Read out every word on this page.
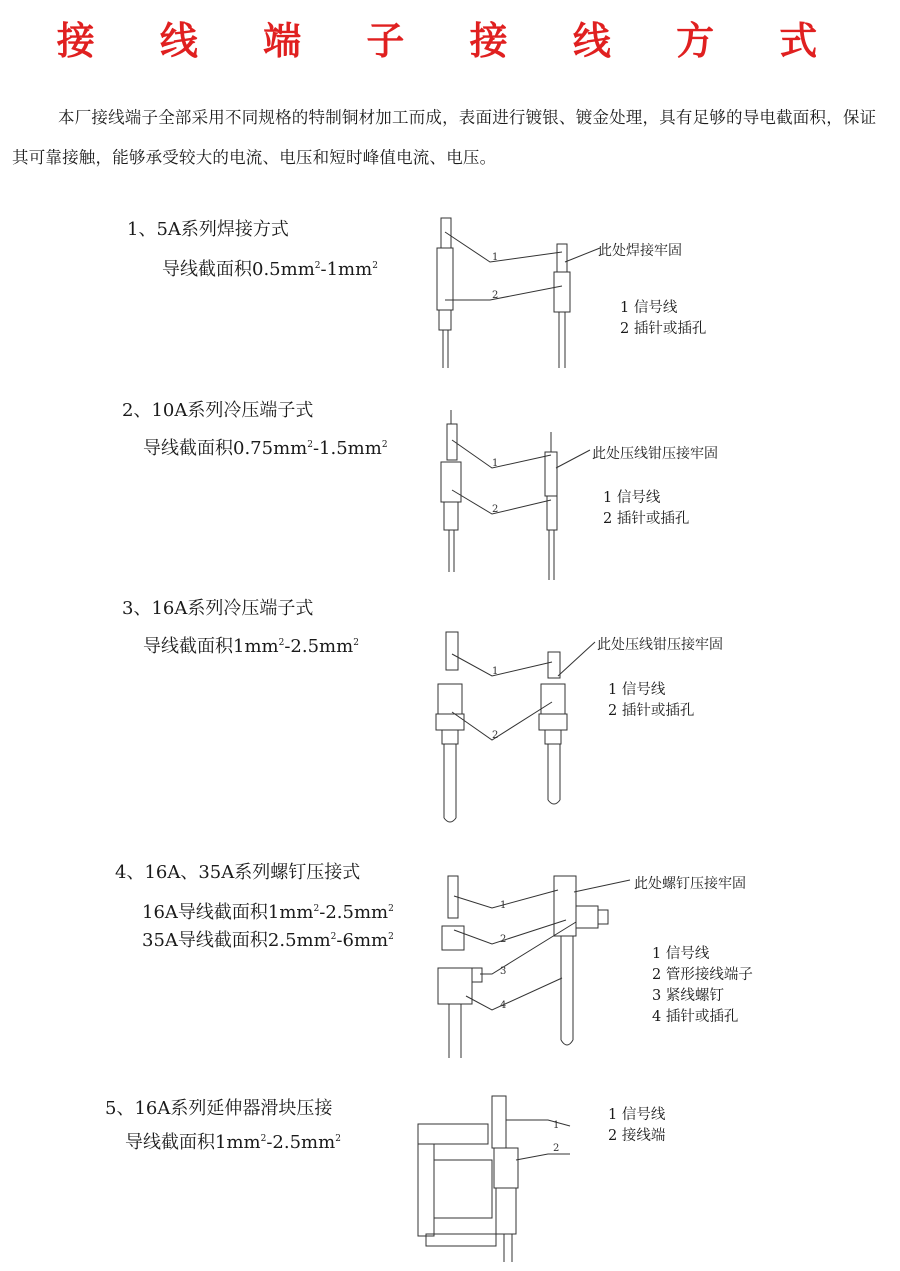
接 线 端 子 接 线 方 式
本厂接线端子全部采用不同规格的特制铜材加工而成，表面进行镀银、镀金处理，具有足够的导电截面积，保证其可靠接触，能够承受较大的电流、电压和短时峰值电流、电压。
1、5A系列焊接方式
导线截面积$0.5mm^2-1mm^2$
此处焊接牢固
1 信号线
2 插针或插孔
2、10A系列冷压端子式
导线截面积$0.75mm^2-1.5mm^2$
此处压线钳压接牢固
1 信号线
2 插针或插孔
3、16A系列冷压端子式
导线截面积$1mm^2-2.5mm^2$	此处压线钳压接牢固
1 信号线
2 插针或插孔
4、16A、35A系列螺钉压接式
16A导线截面积$1mm^2-2.5mm^2$
35A导线截面积$2.5mm^2-6mm^2$
此处螺钉压接牢固
1 信号线
2 管形接线端子
3 紧线螺钉
4 插针或插孔
5、16A系列延伸器滑块压接
导线截面积$1mm^2-2.5mm^2$
1 信号线
2 接线端
1
2
1
2
1
2
1
2
3
4
1
2
